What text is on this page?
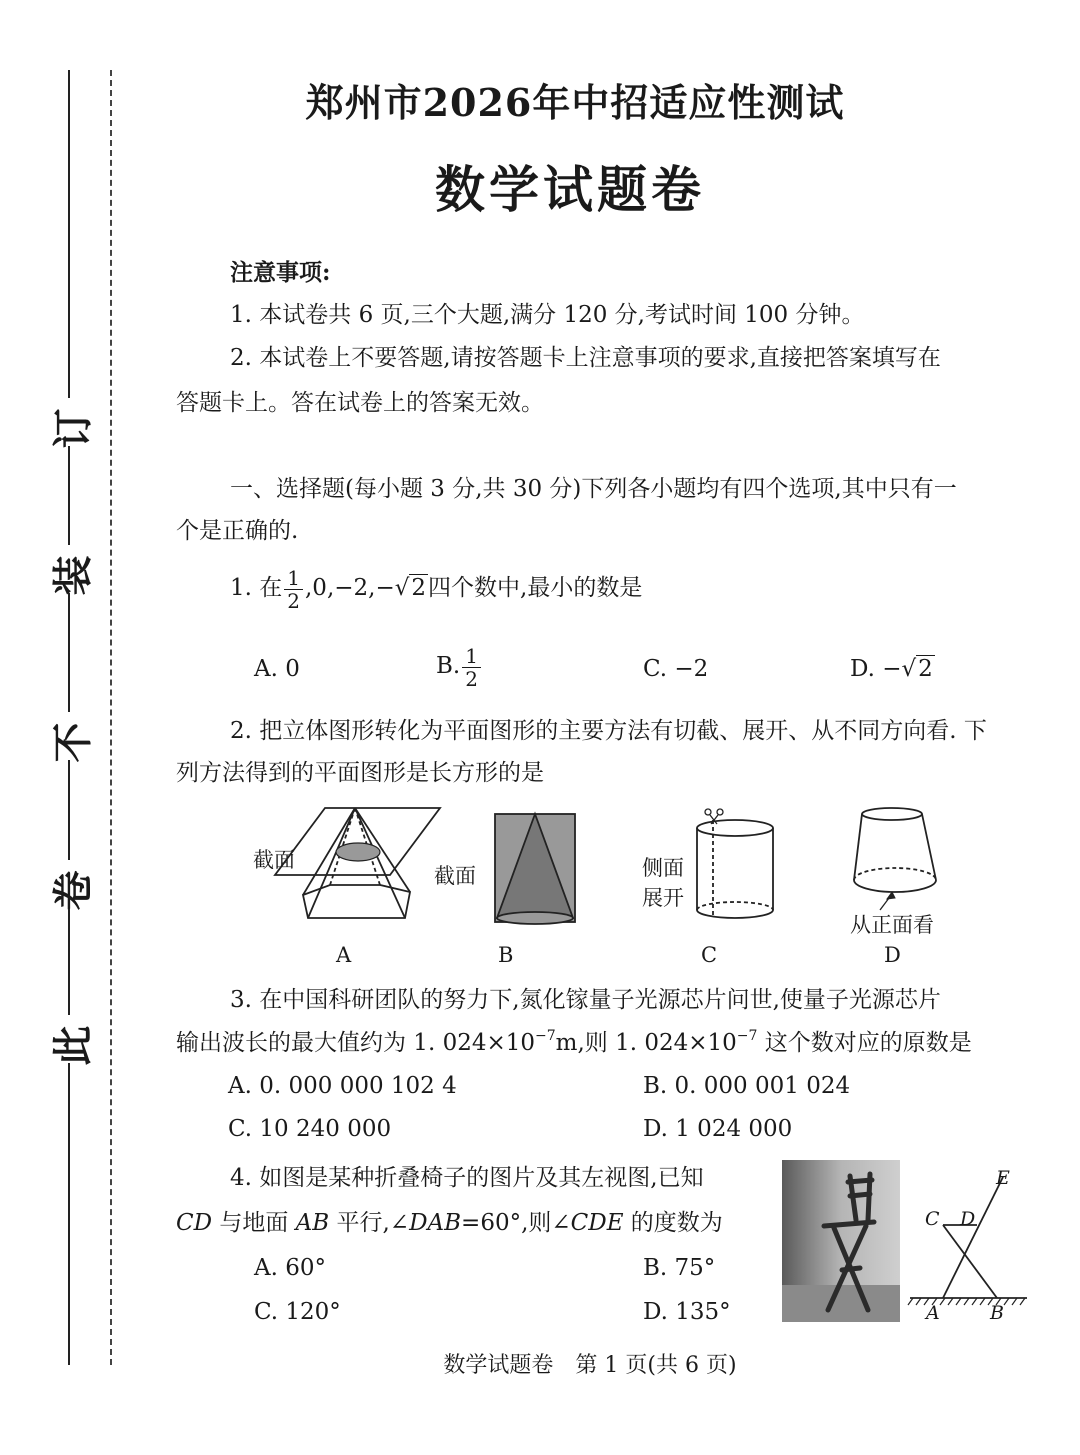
订
装
不
卷
此
郑州市2026年中招适应性测试
数学试题卷
注意事项:
1. 本试卷共 6 页,三个大题,满分 120 分,考试时间 100 分钟。
2. 本试卷上不要答题,请按答题卡上注意事项的要求,直接把答案填写在
答题卡上。答在试卷上的答案无效。
一、选择题(每小题 3 分,共 30 分)下列各小题均有四个选项,其中只有一
个是正确的.
1. 在 $\frac{1}{2} ,0,-2,-√2$四个数中,最小的数是
A. 0	B. $\frac{1}{2}$	C. −2	D. −√2
2. 把立体图形转化为平面图形的主要方法有切截、展开、从不同方向看. 下
列方法得到的平面图形是长方形的是
截面
截面	侧面
展开
从正面看
A	B	C	D
3. 在中国科研团队的努力下,氮化镓量子光源芯片问世,使量子光源芯片
输出波长的最大值约为 1. $024\times 10^{-7}m$,则 1. $024\times 10^{-7}$ 这个数对应的原数是
A. 0. 000 000 102 4	B. 0. 000 001 024
C. 10 240 000	D. 1 024 000
4. 如图是某种折叠椅子的图片及其左视图,已知
CD 与地面 AB 平行,∠DAB=60°,则∠CDE 的度数为
A. 60°	B. 75°
C. 120°	D. 135°
C D
E
A	B
数学试题卷　第 1 页(共 6 页)
